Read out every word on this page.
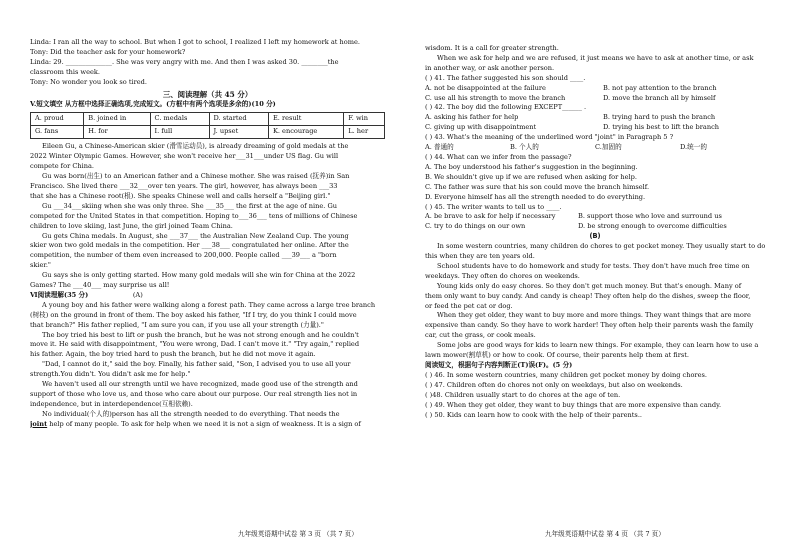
Linda: I ran all the way to school. But when I got to school, I realized I left my homework at home.
Tony: Did the teacher ask for your homework?
Linda: 29. ______________. She was very angry with me. And then I was asked 30. ________the
classroom this week.
Tony: No wonder you look so tired.
三、阅读理解（共 45 分）
V.短文填空 从方框中选择正确选项,完成短文。(方框中有两个选项是多余的)(10 分)
A. proud	B. joined in	C. medals	D. started	E. result	F. win
G. fans	H. for	I. full	J. upset	K. encourage	L. her
Eileen Gu, a Chinese-American skier (滑雪运动员), is already dreaming of gold medals at the
2022 Winter Olympic Games. However, she won't receive her___31___under US flag. Gu will
compete for China.
Gu was born(出生) to an American father and a Chinese mother. She was raised (抚养)in San
Francisco. She lived there ___32___over ten years. The girl, however, has always been ___33
that she has a Chinese root(根). She speaks Chinese well and calls herself a "Beijing girl."
Gu ___34___skiing when she was only three. She ___35___ the first at the age of nine. Gu
competed for the United States in that competition. Hoping to___36___ tens of millions of Chinese
children to love skiing, last June, the girl joined Team China.
Gu gets China medals. In August, she ___37___ the Australian New Zealand Cup. The young
skier won two gold medals in the competition. Her ___38___ congratulated her online. After the
competition, the number of them even increased to 200,000. People called ___39___ a "born
skier."
Gu says she is only getting started. How many gold medals will she win for China at the 2022
Games? The ___40___ may surprise us all!
Ⅵ阅读理解(35 分)	(A)
A young boy and his father were walking along a forest path. They came across a large tree branch
(树枝) on the ground in front of them. The boy asked his father, "If I try, do you think I could move
that branch?" His father replied, "I am sure you can, if you use all your strength (力量)."
The boy tried his best to lift or push the branch, but he was not strong enough and he couldn't
move it. He said with disappointment, "You were wrong, Dad. I can't move it." "Try again," replied
his father. Again, the boy tried hard to push the branch, but he did not move it again.
"Dad, I cannot do it," said the boy. Finally, his father said, "Son, I advised you to use all your
strength.You didn't. You didn't ask me for help."
We haven't used all our strength until we have recognized, made good use of the strength and
support of those who love us, and those who care about our purpose. Our real strength lies not in
independence, but in interdependence(互相依赖).
No individual(个人的)person has all the strength needed to do everything. That needs the
joint help of many people. To ask for help when we need it is not a sign of weakness. It is a sign of
九年级英语期中试卷 第 3 页 （共 7 页）
wisdom. It is a call for greater strength.
When we ask for help and we are refused, it just means we have to ask at another time, or ask
in another way, or ask another person.
( ) 41. The father suggested his son should ____.
A. not be disappointed at the failure	B. not pay attention to the branch
C. use all his strength to move the branch	D. move the branch all by himself
( ) 42. The boy did the following EXCEPT______ .
A. asking his father for help	B. trying hard to push the branch
C. giving up with disappointment	D. trying his best to lift the branch
( ) 43. What's the meaning of the underlined word "joint" in Paragraph 5 ?
A. 普通的	B. 个人的	C.加固的	D.统一的
( ) 44. What can we infer from the passage?
A. The boy understood his father's suggestion in the beginning.
B. We shouldn't give up if we are refused when asking for help.
C. The father was sure that his son could move the branch himself.
D. Everyone himself has all the strength needed to do everything.
( ) 45. The writer wants to tell us to ____.
A. be brave to ask for help if necessary	B. support those who love and surround us
C. try to do things on our own	D. be strong enough to overcome difficulties
(B)
In some western countries, many children do chores to get pocket money. They usually start to do
this when they are ten years old.
School students have to do homework and study for tests. They don't have much free time on
weekdays. They often do chores on weekends.
Young kids only do easy chores. So they don't get much money. But that's enough. Many of
them only want to buy candy. And candy is cheap! They often help do the dishes, sweep the floor,
or feed the pet cat or dog.
When they get older, they want to buy more and more things. They want things that are more
expensive than candy. So they have to work harder! They often help their parents wash the family
car, cut the grass, or cook meals.
Some jobs are good ways for kids to learn new things. For example, they can learn how to use a
lawn mower(割草机) or how to cook. Of course, their parents help them at first.
阅读短文，根据句子内容判断正(T)误(F)。(5 分)
( ) 46. In some western countries, many children get pocket money by doing chores.
( ) 47. Children often do chores not only on weekdays, but also on weekends.
( )48. Children usually start to do chores at the age of ten.
( ) 49. When they get older, they want to buy things that are more expensive than candy.
( ) 50. Kids can learn how to cook with the help of their parents..
九年级英语期中试卷 第 4 页 （共 7 页）
